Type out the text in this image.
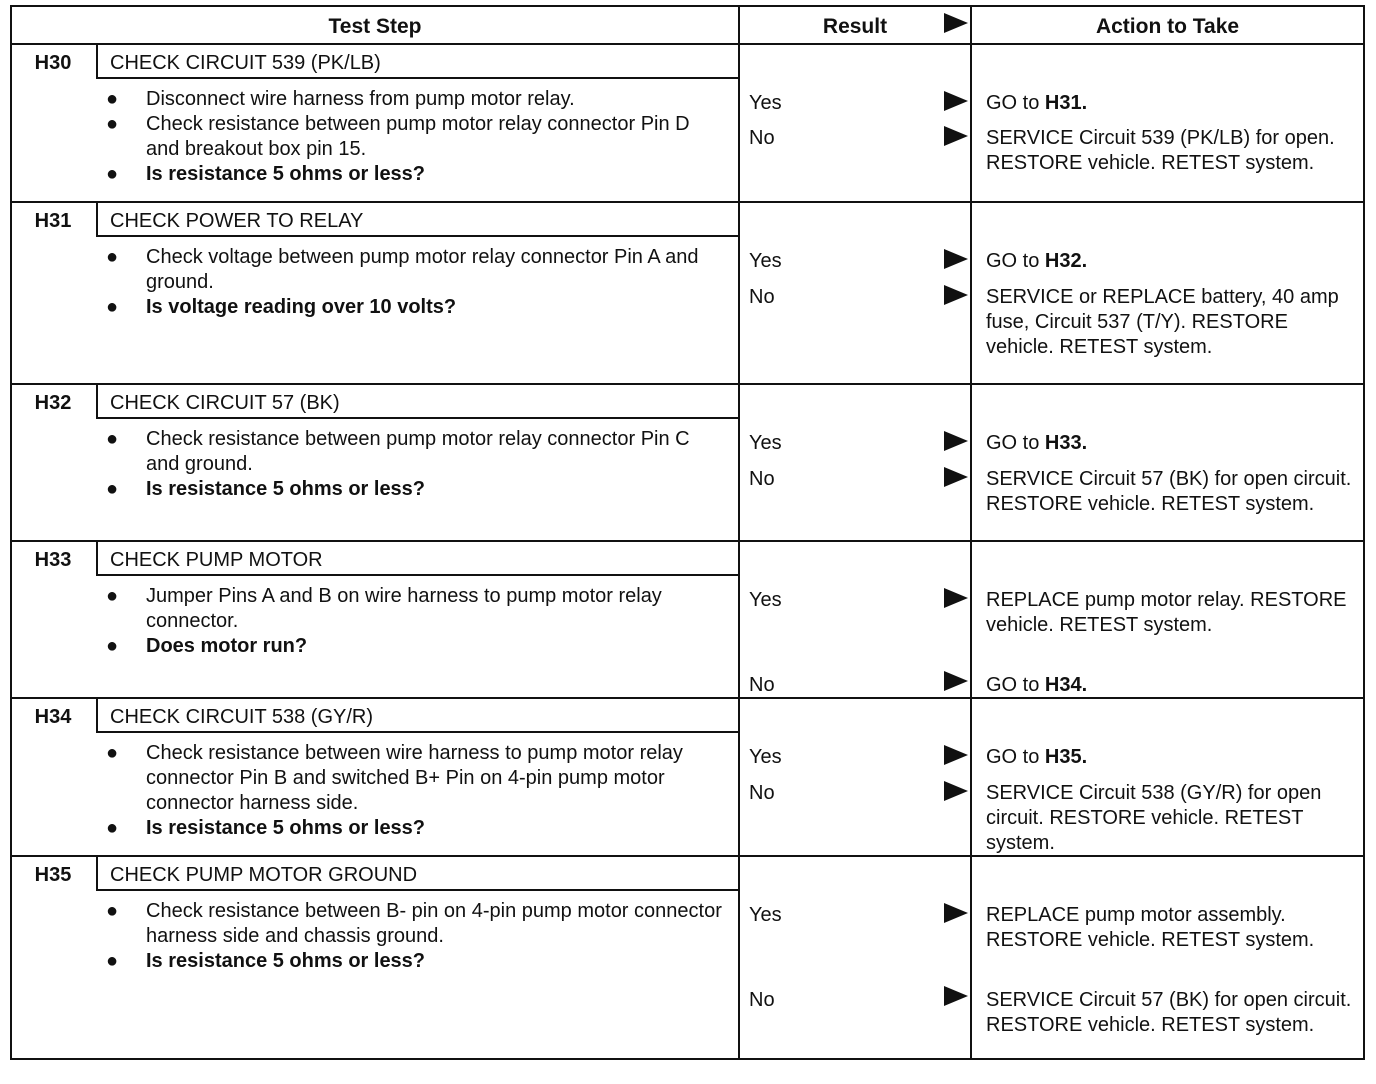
Test Step	Result	Action to Take
H30	CHECK CIRCUIT 539 (PK/LB)
● Disconnect wire harness from pump motor relay.
● Check resistance between pump motor relay connector Pin D and breakout box pin 15.
● Is resistance 5 ohms or less?
Yes	GO to H31.
No	SERVICE Circuit 539 (PK/LB) for open. RESTORE vehicle. RETEST system.
H31	CHECK POWER TO RELAY
● Check voltage between pump motor relay connector Pin A and ground.
● Is voltage reading over 10 volts?
Yes	GO to H32.
No	SERVICE or REPLACE battery, 40 amp fuse, Circuit 537 (T/Y). RESTORE vehicle. RETEST system.
H32	CHECK CIRCUIT 57 (BK)
● Check resistance between pump motor relay connector Pin C and ground.
● Is resistance 5 ohms or less?
Yes	GO to H33.
No	SERVICE Circuit 57 (BK) for open circuit. RESTORE vehicle. RETEST system.
H33	CHECK PUMP MOTOR
● Jumper Pins A and B on wire harness to pump motor relay connector.
● Does motor run?
Yes	REPLACE pump motor relay. RESTORE vehicle. RETEST system.
No	GO to H34.
H34	CHECK CIRCUIT 538 (GY/R)
● Check resistance between wire harness to pump motor relay connector Pin B and switched B+ Pin on 4-pin pump motor connector harness side.
● Is resistance 5 ohms or less?
Yes	GO to H35.
No	SERVICE Circuit 538 (GY/R) for open circuit. RESTORE vehicle. RETEST system.
H35	CHECK PUMP MOTOR GROUND
● Check resistance between B- pin on 4-pin pump motor connector harness side and chassis ground.
● Is resistance 5 ohms or less?
Yes	REPLACE pump motor assembly. RESTORE vehicle. RETEST system.
No	SERVICE Circuit 57 (BK) for open circuit. RESTORE vehicle. RETEST system.
